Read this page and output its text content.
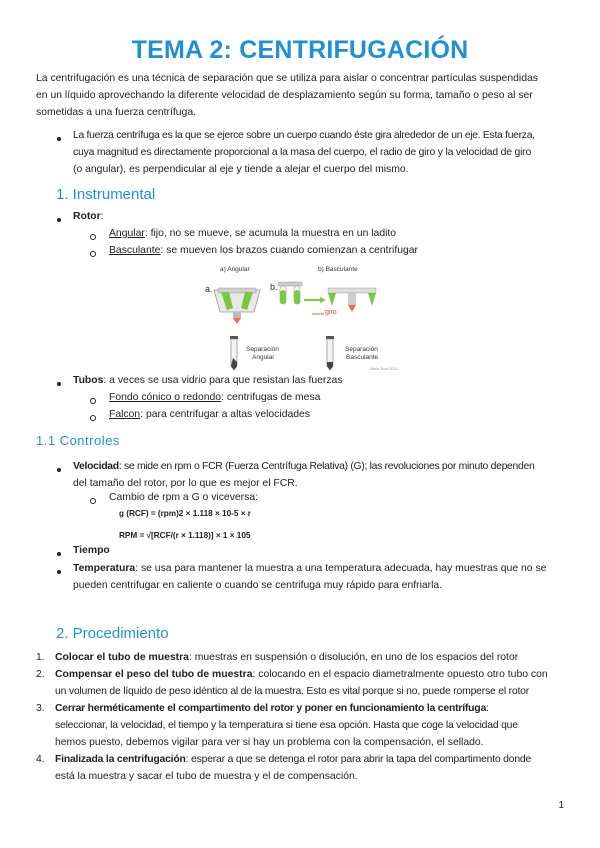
TEMA 2: CENTRIFUGACIÓN
La centrifugación es una técnica de separación que se utiliza para aislar o concentrar partículas suspendidas
en un líquido aprovechando la diferente velocidad de desplazamiento según su forma, tamaño o peso al ser
sometidas a una fuerza centrífuga.
La fuerza centrífuga es la que se ejerce sobre un cuerpo cuando éste gira alrededor de un eje. Esta fuerza,
cuya magnitud es directamente proporcional a la masa del cuerpo, el radio de giro y la velocidad de giro
(o angular), es perpendicular al eje y tiende a alejar el cuerpo del mismo.
1. Instrumental
Rotor:
Angular: fijo, no se mueve, se acumula la muestra en un ladito
Basculante: se mueven los brazos cuando comienzan a centrifugar
a) Angular	b) Basculante
a.	b.
giro
Separación
Angular
Separación
Basculante
Alicia Bort 2024
Tubos: a veces se usa vidrio para que resistan las fuerzas
Fondo cónico o redondo: centrifugas de mesa
Falcon: para centrifugar a altas velocidades
1.1 Controles
Velocidad: se mide en rpm o FCR (Fuerza Centrífuga Relativa) (G); las revoluciones por minuto dependen
del tamaño del rotor, por lo que es mejor el FCR.
Cambio de rpm a G o viceversa:
g (RCF) = (rpm)2 × 1.118 × 10-5 × r
RPM = √[RCF/(r × 1.118)] × 1 × 105
Tiempo
Temperatura: se usa para mantener la muestra a una temperatura adecuada, hay muestras que no se
pueden centrifugar en caliente o cuando se centrifuga muy rápido para enfriarla.
2. Procedimiento
1. Colocar el tubo de muestra: muestras en suspensión o disolución, en uno de los espacios del rotor
2. Compensar el peso del tubo de muestra: colocando en el espacio diametralmente opuesto otro tubo con
un volumen de líquido de peso idéntico al de la muestra. Esto es vital porque si no, puede romperse el rotor
3. Cerrar herméticamente el compartimento del rotor y poner en funcionamiento la centrífuga:
seleccionar, la velocidad, el tiempo y la temperatura si tiene esa opción. Hasta que coge la velocidad que
hemos puesto, debemos vigilar para ver si hay un problema con la compensación, el sellado.
4. Finalizada la centrifugación: esperar a que se detenga el rotor para abrir la tapa del compartimento donde
está la muestra y sacar el tubo de muestra y el de compensación.
1
